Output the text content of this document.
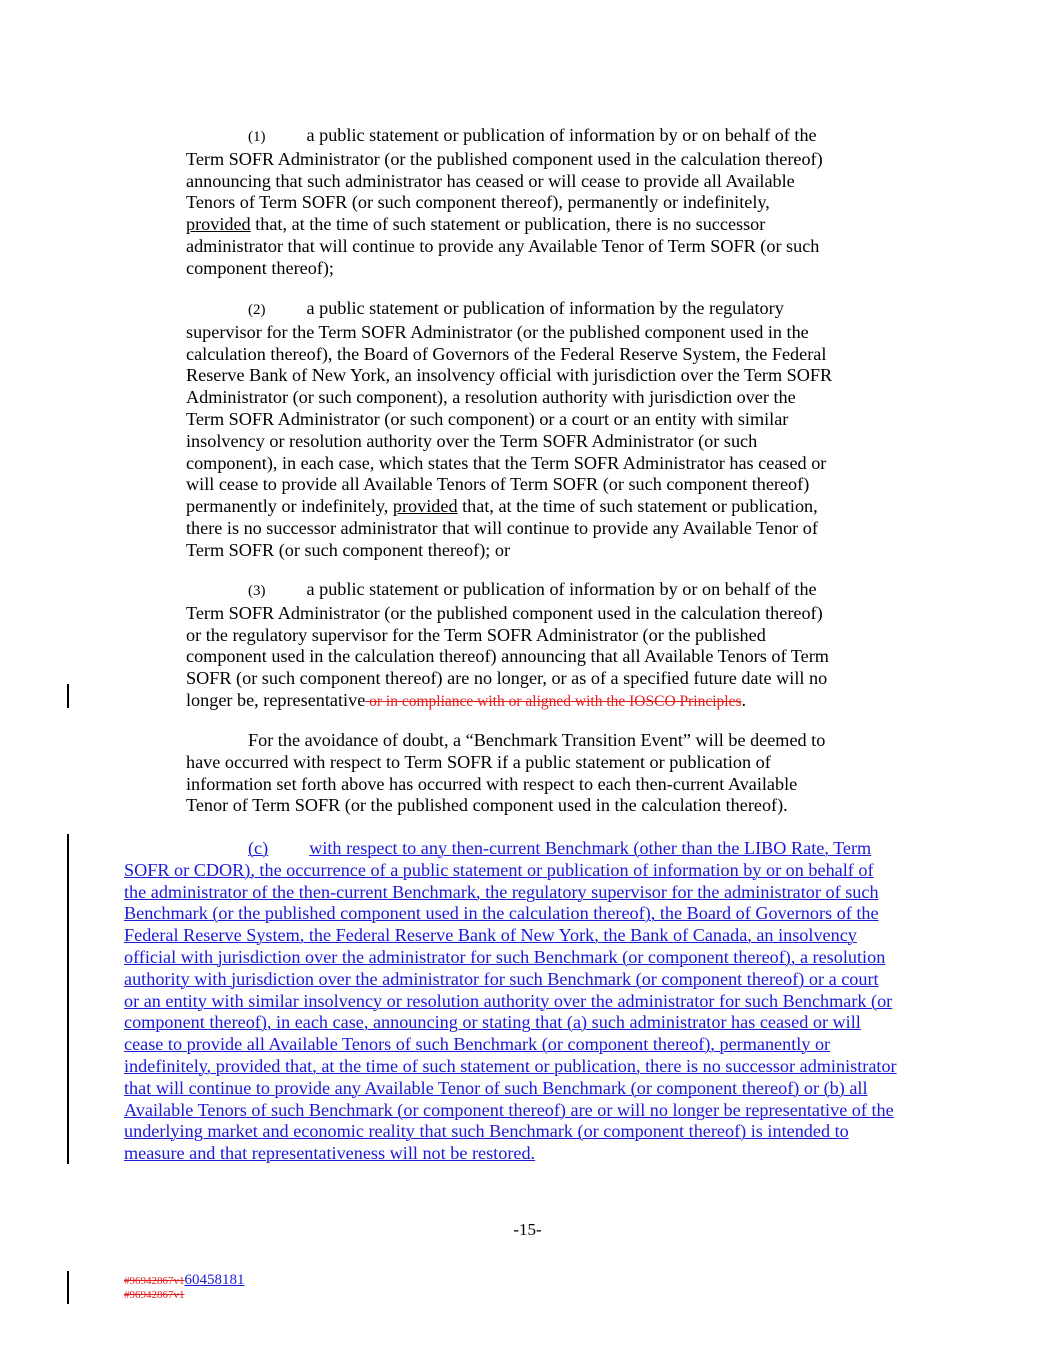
(1) a public statement or publication of information by or on behalf of the
Term SOFR Administrator (or the published component used in the calculation thereof)
announcing that such administrator has ceased or will cease to provide all Available
Tenors of Term SOFR (or such component thereof), permanently or indefinitely,
provided that, at the time of such statement or publication, there is no successor
administrator that will continue to provide any Available Tenor of Term SOFR (or such
component thereof);
(2) a public statement or publication of information by the regulatory
supervisor for the Term SOFR Administrator (or the published component used in the
calculation thereof), the Board of Governors of the Federal Reserve System, the Federal
Reserve Bank of New York, an insolvency official with jurisdiction over the Term SOFR
Administrator (or such component), a resolution authority with jurisdiction over the
Term SOFR Administrator (or such component) or a court or an entity with similar
insolvency or resolution authority over the Term SOFR Administrator (or such
component), in each case, which states that the Term SOFR Administrator has ceased or
will cease to provide all Available Tenors of Term SOFR (or such component thereof)
permanently or indefinitely, provided that, at the time of such statement or publication,
there is no successor administrator that will continue to provide any Available Tenor of
Term SOFR (or such component thereof); or
(3) a public statement or publication of information by or on behalf of the
Term SOFR Administrator (or the published component used in the calculation thereof)
or the regulatory supervisor for the Term SOFR Administrator (or the published
component used in the calculation thereof) announcing that all Available Tenors of Term
SOFR (or such component thereof) are no longer, or as of a specified future date will no
longer be, representative or in compliance with or aligned with the IOSCO Principles.
For the avoidance of doubt, a “Benchmark Transition Event” will be deemed to
have occurred with respect to Term SOFR if a public statement or publication of
information set forth above has occurred with respect to each then-current Available
Tenor of Term SOFR (or the published component used in the calculation thereof).
(c) with respect to any then-current Benchmark (other than the LIBO Rate, Term
SOFR or CDOR), the occurrence of a public statement or publication of information by or on behalf of
the administrator of the then-current Benchmark, the regulatory supervisor for the administrator of such
Benchmark (or the published component used in the calculation thereof), the Board of Governors of the
Federal Reserve System, the Federal Reserve Bank of New York, the Bank of Canada, an insolvency
official with jurisdiction over the administrator for such Benchmark (or component thereof), a resolution
authority with jurisdiction over the administrator for such Benchmark (or component thereof) or a court
or an entity with similar insolvency or resolution authority over the administrator for such Benchmark (or
component thereof), in each case, announcing or stating that (a) such administrator has ceased or will
cease to provide all Available Tenors of such Benchmark (or component thereof), permanently or
indefinitely, provided that, at the time of such statement or publication, there is no successor administrator
that will continue to provide any Available Tenor of such Benchmark (or component thereof) or (b) all
Available Tenors of such Benchmark (or component thereof) are or will no longer be representative of the
underlying market and economic reality that such Benchmark (or component thereof) is intended to
measure and that representativeness will not be restored.
-15-
#96942867v160458181
#96942867v1
